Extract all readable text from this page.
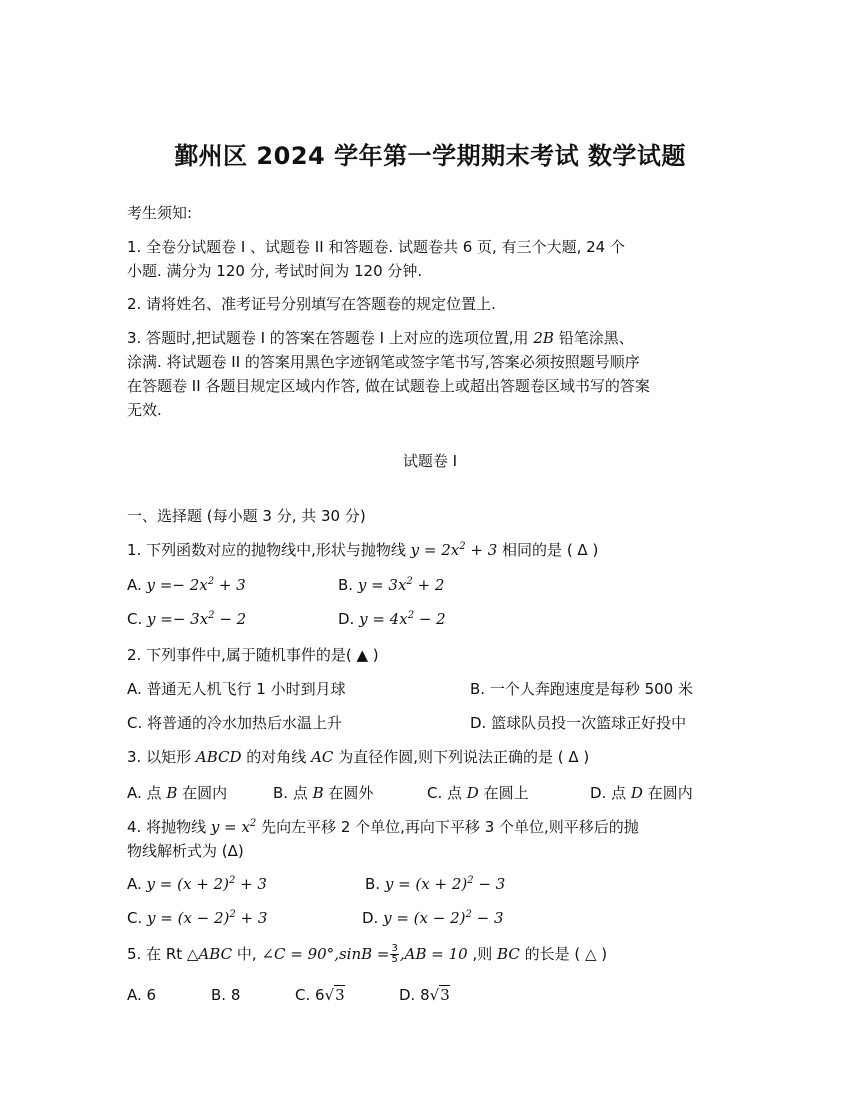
鄞州区 2024 学年第一学期期末考试 数学试题
考生须知:
1. 全卷分试题卷 I 、试题卷 II 和答题卷. 试题卷共 6 页, 有三个大题, 24 个
小题. 满分为 120 分, 考试时间为 120 分钟.
2. 请将姓名、准考证号分别填写在答题卷的规定位置上.
3. 答题时,把试题卷 I 的答案在答题卷 I 上对应的选项位置,用 2B 铅笔涂黑、
涂满. 将试题卷 II 的答案用黑色字迹钢笔或签字笔书写,答案必须按照题号顺序
在答题卷 II 各题目规定区域内作答, 做在试题卷上或超出答题卷区域书写的答案
无效.
试题卷 I
一、选择题 (每小题 3 分, 共 30 分)
1. 下列函数对应的抛物线中,形状与抛物线 $y = 2x^2 + 3$ 相同的是 ( Δ )
A. $y =- 2x^2 + 3$	B. $y = 3x^2 + 2$
C. $y =- 3x^2 - 2$	D. $y = 4x^2 - 2$
2. 下列事件中,属于随机事件的是( ▲ )
A. 普通无人机飞行 1 小时到月球	B. 一个人奔跑速度是每秒 500 米
C. 将普通的冷水加热后水温上升	D. 篮球队员投一次篮球正好投中
3. 以矩形 ABCD 的对角线 AC 为直径作圆,则下列说法正确的是 ( Δ )
A. 点 B 在圆内	B. 点 B 在圆外	C. 点 D 在圆上	D. 点 D 在圆内
4. 将抛物线 $y = x^2$ 先向左平移 2 个单位,再向下平移 3 个单位,则平移后的抛
物线解析式为 (Δ)
A. $y = (x + 2)^2 + 3$	B. $y = (x + 2)^2 - 3$
C. $y = (x - 2)^2 + 3$	D. $y = (x - 2)^2 - 3$
5. 在 Rt △ABC 中, ∠C = $90^\circ,\sin B = \frac{3}{5} ,AB = 10$ ,则 BC 的长是 ( △ )
A. 6	B. 8	C. 6√3	D. 8√3
